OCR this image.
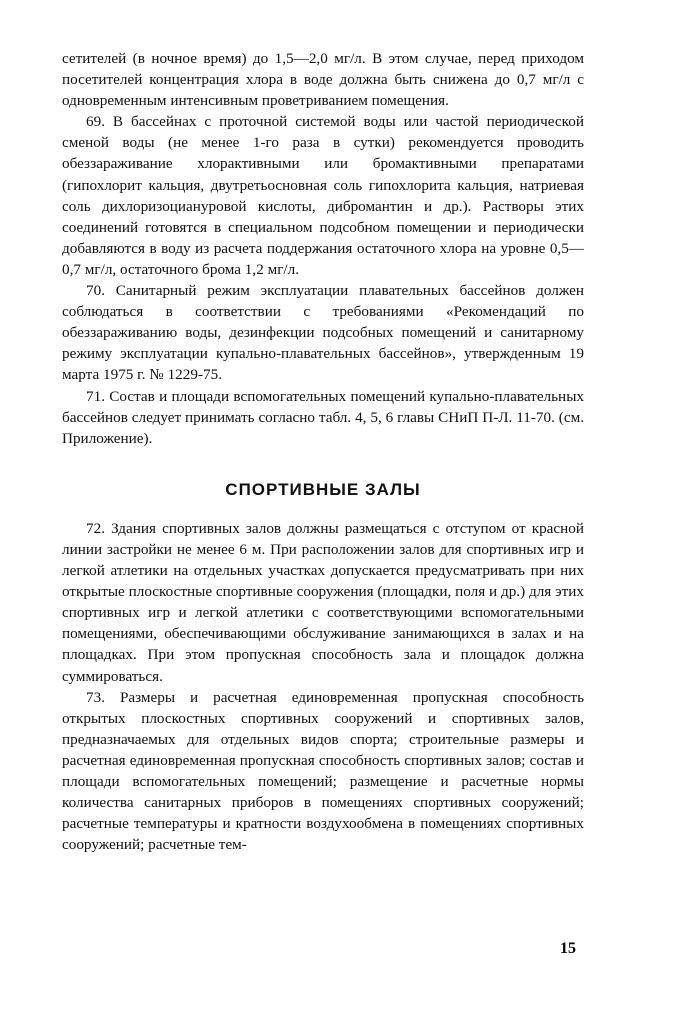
сетителей (в ночное время) до 1,5—2,0 мг/л. В этом случае, перед приходом посетителей концентрация хлора в воде должна быть снижена до 0,7 мг/л с одновременным интенсивным проветриванием помещения.

69. В бассейнах с проточной системой воды или частой периодической сменой воды (не менее 1-го раза в сутки) рекомендуется проводить обеззараживание хлорактивными или бромактивными препаратами (гипохлорит кальция, двутретьосновная соль гипохлорита кальция, натриевая соль дихлоризоциануровой кислоты, дибромантин и др.). Растворы этих соединений готовятся в специальном подсобном помещении и периодически добавляются в воду из расчета поддержания остаточного хлора на уровне 0,5—0,7 мг/л, остаточного брома 1,2 мг/л.

70. Санитарный режим эксплуатации плавательных бассейнов должен соблюдаться в соответствии с требованиями «Рекомендаций по обеззараживанию воды, дезинфекции подсобных помещений и санитарному режиму эксплуатации купально-плавательных бассейнов», утвержденным 19 марта 1975 г. № 1229-75.

71. Состав и площади вспомогательных помещений купально-плавательных бассейнов следует принимать согласно табл. 4, 5, 6 главы СНиП П-Л. 11-70. (см. Приложение).

СПОРТИВНЫЕ ЗАЛЫ

72. Здания спортивных залов должны размещаться с отступом от красной линии застройки не менее 6 м. При расположении залов для спортивных игр и легкой атлетики на отдельных участках допускается предусматривать при них открытые плоскостные спортивные сооружения (площадки, поля и др.) для этих спортивных игр и легкой атлетики с соответствующими вспомогательными помещениями, обеспечивающими обслуживание занимающихся в залах и на площадках. При этом пропускная способность зала и площадок должна суммироваться.

73. Размеры и расчетная единовременная пропускная способность открытых плоскостных спортивных сооружений и спортивных залов, предназначаемых для отдельных видов спорта; строительные размеры и расчетная единовременная пропускная способность спортивных залов; состав и площади вспомогательных помещений; размещение и расчетные нормы количества санитарных приборов в помещениях спортивных сооружений; расчетные температуры и кратности воздухообмена в помещениях спортивных сооружений; расчетные тем-

15
